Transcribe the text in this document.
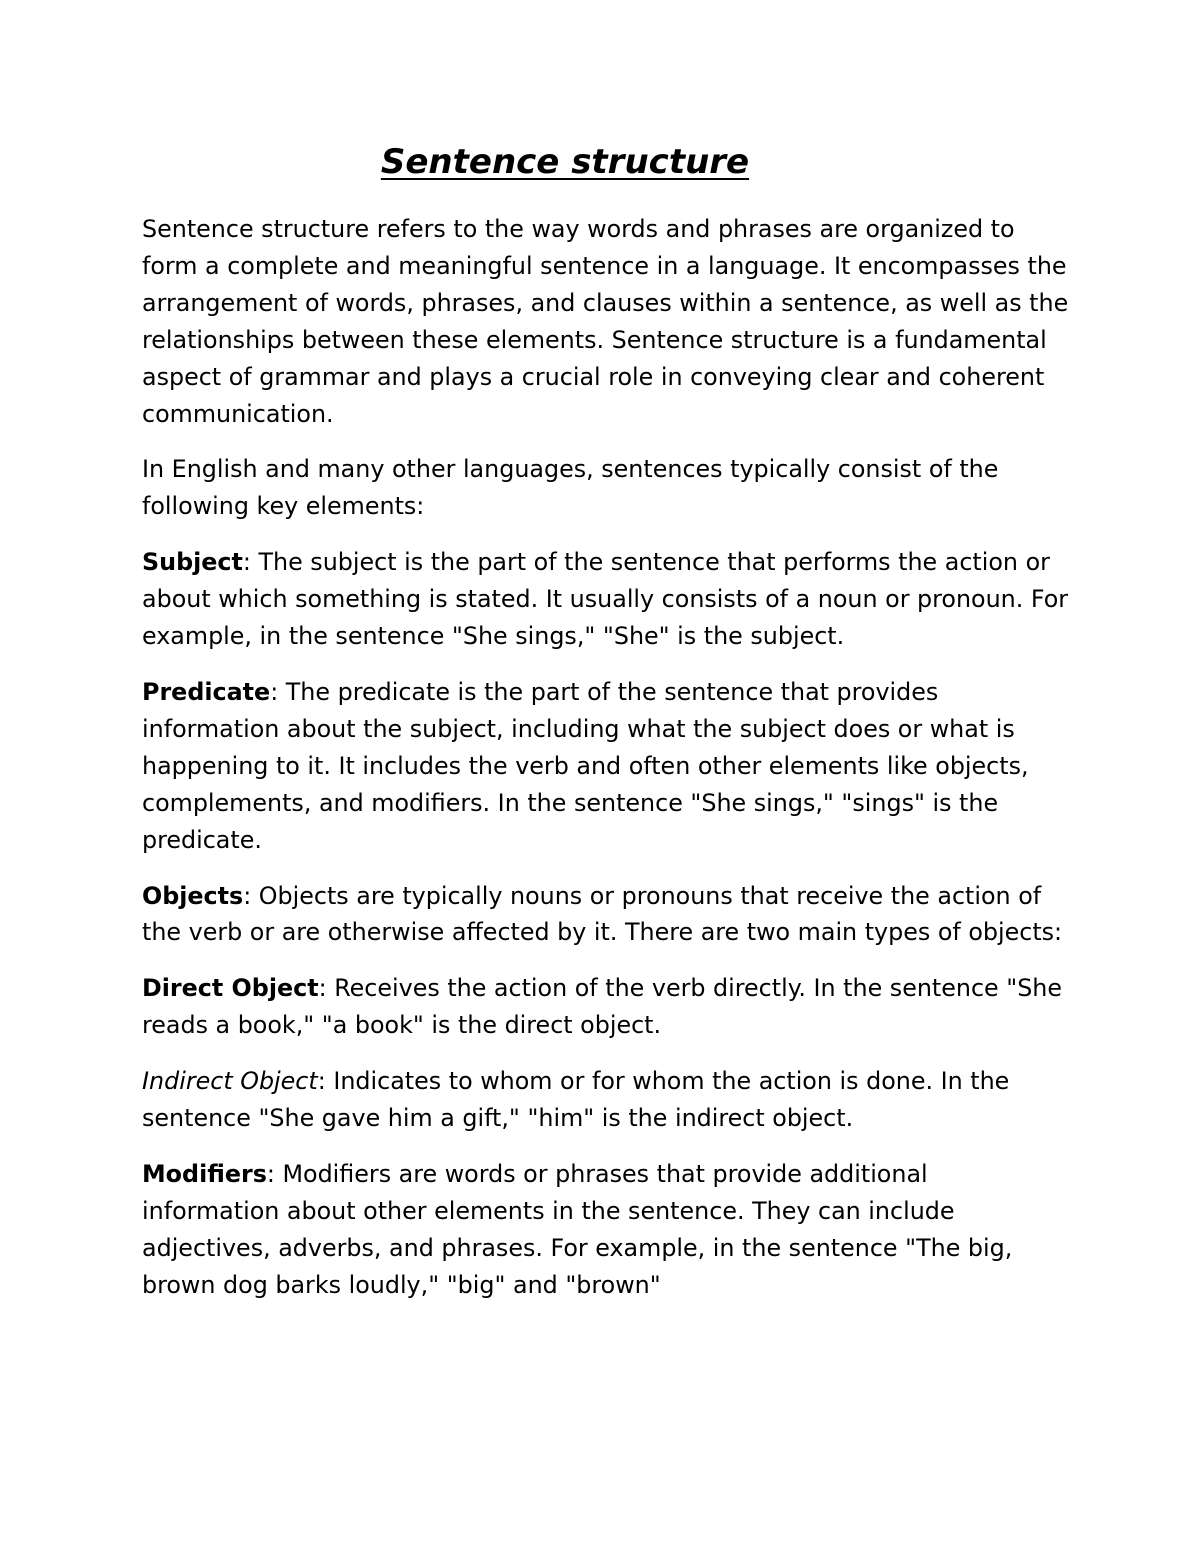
Sentence structure

Sentence structure refers to the way words and phrases are organized to form a complete and meaningful sentence in a language. It encompasses the arrangement of words, phrases, and clauses within a sentence, as well as the relationships between these elements. Sentence structure is a fundamental aspect of grammar and plays a crucial role in conveying clear and coherent communication.

In English and many other languages, sentences typically consist of the following key elements:

Subject: The subject is the part of the sentence that performs the action or about which something is stated. It usually consists of a noun or pronoun. For example, in the sentence "She sings," "She" is the subject.

Predicate: The predicate is the part of the sentence that provides information about the subject, including what the subject does or what is happening to it. It includes the verb and often other elements like objects, complements, and modifiers. In the sentence "She sings," "sings" is the predicate.

Objects: Objects are typically nouns or pronouns that receive the action of the verb or are otherwise affected by it. There are two main types of objects:

Direct Object: Receives the action of the verb directly. In the sentence "She reads a book," "a book" is the direct object.

Indirect Object: Indicates to whom or for whom the action is done. In the sentence "She gave him a gift," "him" is the indirect object.

Modifiers: Modifiers are words or phrases that provide additional information about other elements in the sentence. They can include adjectives, adverbs, and phrases. For example, in the sentence "The big, brown dog barks loudly," "big" and "brown"
